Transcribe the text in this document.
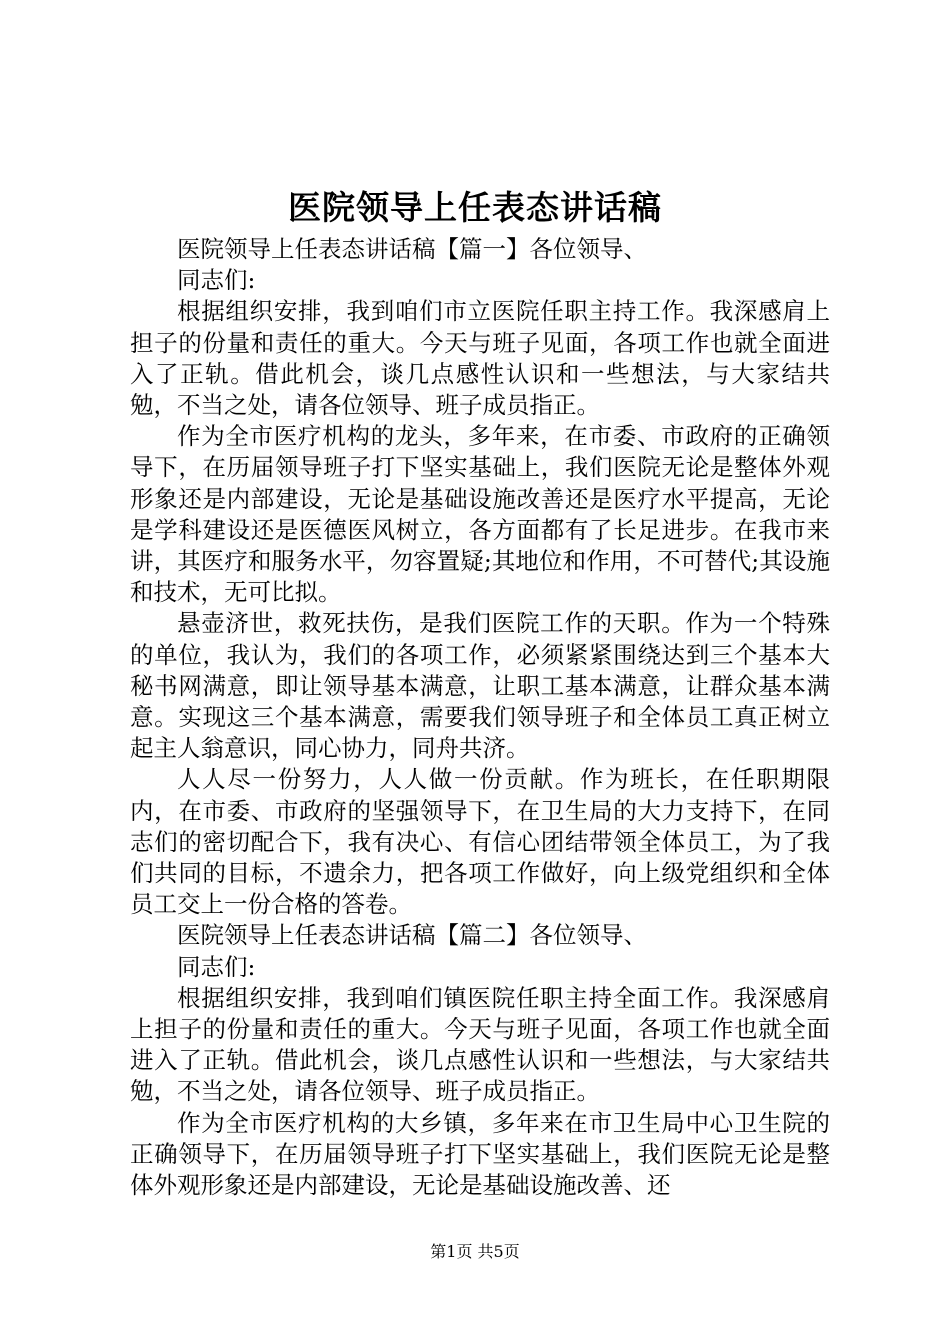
医院领导上任表态讲话稿

医院领导上任表态讲话稿【篇一】各位领导、

同志们:

根据组织安排，我到咱们市立医院任职主持工作。我深感肩上担子的份量和责任的重大。今天与班子见面，各项工作也就全面进入了正轨。借此机会，谈几点感性认识和一些想法，与大家结共勉，不当之处，请各位领导、班子成员指正。

作为全市医疗机构的龙头，多年来，在市委、市政府的正确领导下，在历届领导班子打下坚实基础上，我们医院无论是整体外观形象还是内部建设，无论是基础设施改善还是医疗水平提高，无论是学科建设还是医德医风树立，各方面都有了长足进步。在我市来讲，其医疗和服务水平，勿容置疑;其地位和作用，不可替代;其设施和技术，无可比拟。

悬壶济世，救死扶伤，是我们医院工作的天职。作为一个特殊的单位，我认为，我们的各项工作，必须紧紧围绕达到三个基本大秘书网满意，即让领导基本满意，让职工基本满意，让群众基本满意。实现这三个基本满意，需要我们领导班子和全体员工真正树立起主人翁意识，同心协力，同舟共济。

人人尽一份努力，人人做一份贡献。作为班长，在任职期限内，在市委、市政府的坚强领导下，在卫生局的大力支持下，在同志们的密切配合下，我有决心、有信心团结带领全体员工，为了我们共同的目标，不遗余力，把各项工作做好，向上级党组织和全体员工交上一份合格的答卷。

医院领导上任表态讲话稿【篇二】各位领导、

同志们:

根据组织安排，我到咱们镇医院任职主持全面工作。我深感肩上担子的份量和责任的重大。今天与班子见面，各项工作也就全面进入了正轨。借此机会，谈几点感性认识和一些想法，与大家结共勉，不当之处，请各位领导、班子成员指正。

作为全市医疗机构的大乡镇，多年来在市卫生局中心卫生院的正确领导下，在历届领导班子打下坚实基础上，我们医院无论是整体外观形象还是内部建设，无论是基础设施改善、还

第1页 共5页
